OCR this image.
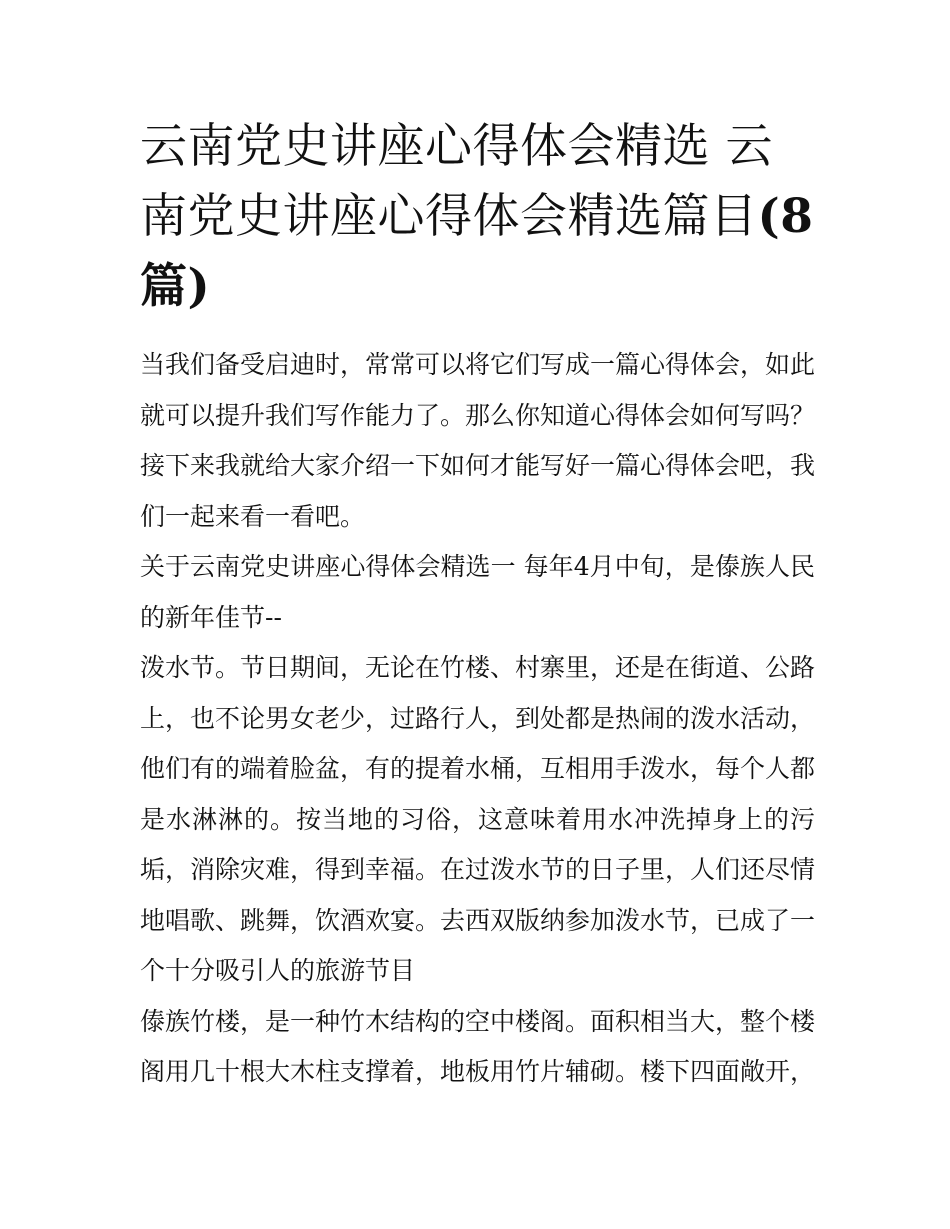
云南党史讲座心得体会精选 云南党史讲座心得体会精选篇目(8篇)

当我们备受启迪时，常常可以将它们写成一篇心得体会，如此就可以提升我们写作能力了。那么你知道心得体会如何写吗？接下来我就给大家介绍一下如何才能写好一篇心得体会吧，我们一起来看一看吧。

关于云南党史讲座心得体会精选一 每年4月中旬，是傣族人民的新年佳节--

泼水节。节日期间，无论在竹楼、村寨里，还是在街道、公路上，也不论男女老少，过路行人，到处都是热闹的泼水活动，他们有的端着脸盆，有的提着水桶，互相用手泼水，每个人都是水淋淋的。按当地的习俗，这意味着用水冲洗掉身上的污垢，消除灾难，得到幸福。在过泼水节的日子里，人们还尽情地唱歌、跳舞，饮酒欢宴。去西双版纳参加泼水节，已成了一个十分吸引人的旅游节目

傣族竹楼，是一种竹木结构的空中楼阁。面积相当大，整个楼阁用几十根大木柱支撑着，地板用竹片辅砌。楼下四面敞开，
